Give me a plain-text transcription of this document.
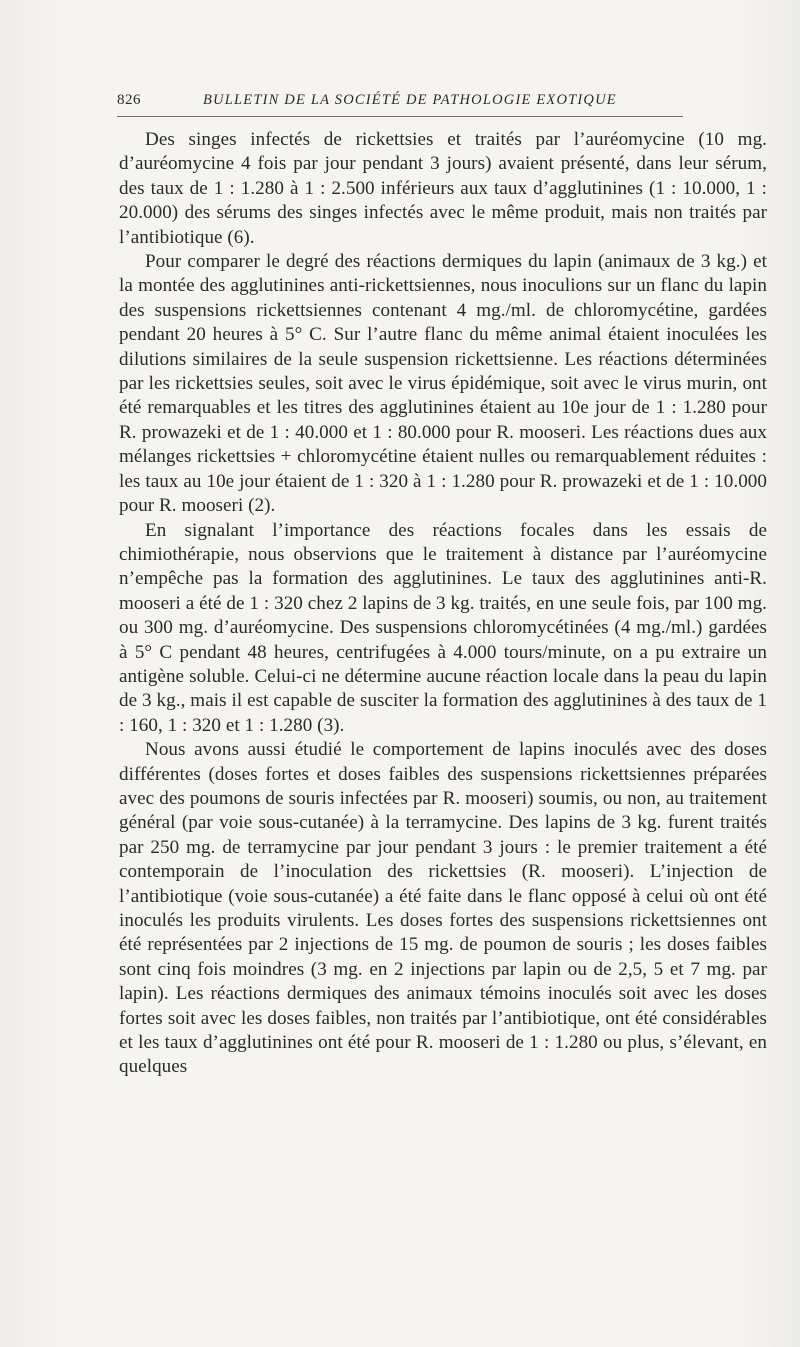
826	BULLETIN DE LA SOCIÉTÉ DE PATHOLOGIE EXOTIQUE

Des singes infectés de rickettsies et traités par l’auréomycine (10 mg. d’auréomycine 4 fois par jour pendant 3 jours) avaient présenté, dans leur sérum, des taux de 1 : 1.280 à 1 : 2.500 inférieurs aux taux d’agglutinines (1 : 10.000, 1 : 20.000) des sérums des singes infectés avec le même produit, mais non traités par l’antibiotique (6).

Pour comparer le degré des réactions dermiques du lapin (animaux de 3 kg.) et la montée des agglutinines anti-rickettsiennes, nous inoculions sur un flanc du lapin des suspensions rickettsiennes contenant 4 mg./ml. de chloromycétine, gardées pendant 20 heures à 5° C. Sur l’autre flanc du même animal étaient inoculées les dilutions similaires de la seule suspension rickettsienne. Les réactions déterminées par les rickettsies seules, soit avec le virus épidémique, soit avec le virus murin, ont été remarquables et les titres des agglutinines étaient au 10e jour de 1 : 1.280 pour R. prowazeki et de 1 : 40.000 et 1 : 80.000 pour R. mooseri. Les réactions dues aux mélanges rickettsies + chloromycétine étaient nulles ou remarquablement réduites : les taux au 10e jour étaient de 1 : 320 à 1 : 1.280 pour R. prowazeki et de 1 : 10.000 pour R. mooseri (2).

En signalant l’importance des réactions focales dans les essais de chimiothérapie, nous observions que le traitement à distance par l’auréomycine n’empêche pas la formation des agglutinines. Le taux des agglutinines anti-R. mooseri a été de 1 : 320 chez 2 lapins de 3 kg. traités, en une seule fois, par 100 mg. ou 300 mg. d’auréomycine. Des suspensions chloromycétinées (4 mg./ml.) gardées à 5° C pendant 48 heures, centrifugées à 4.000 tours/minute, on a pu extraire un antigène soluble. Celui-ci ne détermine aucune réaction locale dans la peau du lapin de 3 kg., mais il est capable de susciter la formation des agglutinines à des taux de 1 : 160, 1 : 320 et 1 : 1.280 (3).

Nous avons aussi étudié le comportement de lapins inoculés avec des doses différentes (doses fortes et doses faibles des suspensions rickettsiennes préparées avec des poumons de souris infectées par R. mooseri) soumis, ou non, au traitement général (par voie sous-cutanée) à la terramycine. Des lapins de 3 kg. furent traités par 250 mg. de terramycine par jour pendant 3 jours : le premier traitement a été contemporain de l’inoculation des rickettsies (R. mooseri). L’injection de l’antibiotique (voie sous-cutanée) a été faite dans le flanc opposé à celui où ont été inoculés les produits virulents. Les doses fortes des suspensions rickettsiennes ont été représentées par 2 injections de 15 mg. de poumon de souris ; les doses faibles sont cinq fois moindres (3 mg. en 2 injections par lapin ou de 2,5, 5 et 7 mg. par lapin). Les réactions dermiques des animaux témoins inoculés soit avec les doses fortes soit avec les doses faibles, non traités par l’antibiotique, ont été considérables et les taux d’agglutinines ont été pour R. mooseri de 1 : 1.280 ou plus, s’élevant, en quelques
